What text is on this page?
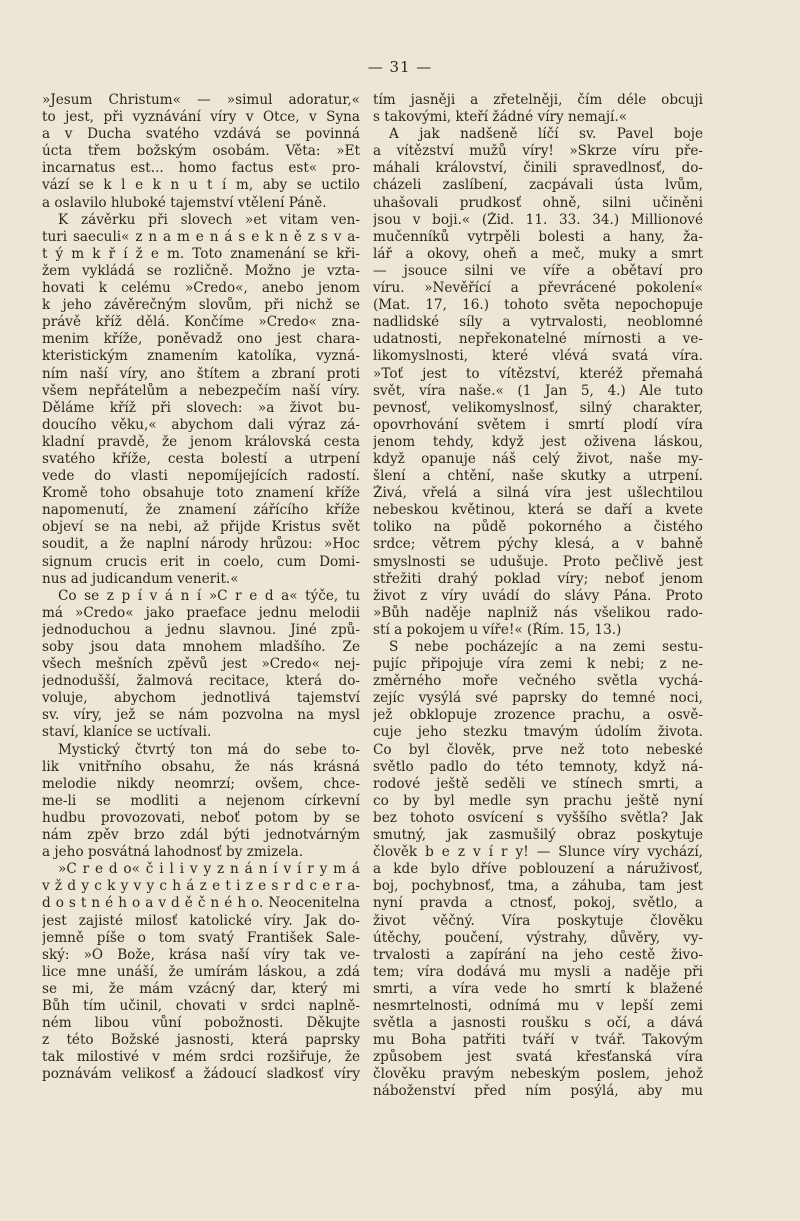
— 31 —
»Jesum Christum« — »simul adoratur,«
to jest, při vyznávání víry v Otce, v Syna
a v Ducha svatého vzdává se povinná
úcta třem božským osobám. Věta: »Et
incarnatus est... homo factus est« pro-
vází se k l e k n u t í m, aby se uctilo
a oslavilo hluboké tajemství vtělení Páně.
K závěrku při slovech »et vitam ven-
turi saeculi« z n a m e n á s e k n ě z s v a-
t ý m k ř í ž e m. Toto znamenání se kři-
žem vykládá se rozličně. Možno je vzta-
hovati k celému »Credo«, anebo jenom
k jeho závěrečným slovům, při nichž se
právě kříž dělá. Končíme »Credo« zna-
menim kříže, poněvadž ono jest chara-
kteristickým znamením katolíka, vyzná-
ním naší víry, ano štítem a zbraní proti
všem nepřátelům a nebezpečím naší víry.
Děláme kříž při slovech: »a život bu-
doucího věku,« abychom dali výraz zá-
kladní pravdě, že jenom královská cesta
svatého kříže, cesta bolestí a utrpení
vede do vlasti nepomíjejících radostí.
Kromě toho obsahuje toto znamení kříže
napomenutí, že znamení zářícího kříže
objeví se na nebi, až přijde Kristus svět
soudit, a že naplní národy hrůzou: »Hoc
signum crucis erit in coelo, cum Domi-
nus ad judicandum venerit.«
Co se z p í v á n í »C r e d a« týče, tu
má »Credo« jako praeface jednu melodii
jednoduchou a jednu slavnou. Jiné způ-
soby jsou data mnohem mladšího. Ze
všech mešních zpěvů jest »Credo« nej-
jednodušší, žalmová recitace, která do-
voluje, abychom jednotlivá tajemství
sv. víry, jež se nám pozvolna na mysl
staví, klaníce se uctívali.
Mystický čtvrtý ton má do sebe to-
lik vnitřního obsahu, že nás krásná
melodie nikdy neomrzí; ovšem, chce-
me-li se modliti a nejenom církevní
hudbu provozovati, neboť potom by se
nám zpěv brzo zdál býti jednotvárným
a jeho posvátná lahodnosť by zmizela.
»C r e d o« č i l i v y z n á n í v í r y m á
v ž d y c k y v y c h á z e t i z e s r d c e r a-
d o s t n é h o a v d ě č n é h o. Neocenitelna
jest zajisté milosť katolické víry. Jak do-
jemně píše o tom svatý František Sale-
ský: »Ó Bože, krása naší víry tak ve-
lice mne unáší, že umírám láskou, a zdá
se mi, že mám vzácný dar, který mi
Bůh tím učinil, chovati v srdci naplně-
ném libou vůní pobožnosti. Děkujte
z této Božské jasnosti, která paprsky
tak milostivé v mém srdci rozšiřuje, že
poznávám velikosť a žádoucí sladkosť víry
tím jasněji a zřetelněji, čím déle obcuji
s takovými, kteří žádné víry nemají.«
A jak nadšeně líčí sv. Pavel boje
a vítězství mužů víry! »Skrze víru pře-
máhali království, činili spravedlnosť, do-
cházeli zaslíbení, zacpávali ústa lvům,
uhašovali prudkosť ohně, silni učiněni
jsou v boji.« (Žid. 11. 33. 34.) Millionové
mučenníků vytrpěli bolesti a hany, ža-
lář a okovy, oheň a meč, muky a smrt
— jsouce silni ve víře a obětaví pro
víru. »Nevěřící a převrácené pokolení«
(Mat. 17, 16.) tohoto světa nepochopuje
nadlidské síly a vytrvalosti, neoblomné
udatnosti, nepřekonatelné mírnosti a ve-
likomyslnosti, které vlévá svatá víra.
»Toť jest to vítězství, kteréž přemahá
svět, víra naše.« (1 Jan 5, 4.) Ale tuto
pevnosť, velikomyslnosť, silný charakter,
opovrhování světem i smrtí plodí víra
jenom tehdy, když jest oživena láskou,
když opanuje náš celý život, naše my-
šlení a chtění, naše skutky a utrpení.
Živá, vřelá a silná víra jest ušlechtilou
nebeskou květinou, která se daří a kvete
toliko na půdě pokorného a čistého
srdce; větrem pýchy klesá, a v bahně
smyslnosti se udušuje. Proto pečlivě jest
střežiti drahý poklad víry; neboť jenom
život z víry uvádí do slávy Pána. Proto
»Bůh naděje naplniž nás všelikou rado-
stí a pokojem u víře!« (Řím. 15, 13.)
S nebe pocházejíc a na zemi sestu-
pujíc připojuje víra zemi k nebi; z ne-
změrného moře večného světla vychá-
zejíc vysýlá své paprsky do temné noci,
jež obklopuje zrozence prachu, a osvě-
cuje jeho stezku tmavým údolím života.
Co byl člověk, prve než toto nebeské
světlo padlo do této temnoty, když ná-
rodové ještě seděli ve stínech smrti, a
co by byl medle syn prachu ještě nyní
bez tohoto osvícení s vyššího světla? Jak
smutný, jak zasmušilý obraz poskytuje
člověk b e z v í r y! — Slunce víry vychází,
a kde bylo dříve poblouzení a náruživosť,
boj, pochybnosť, tma, a záhuba, tam jest
nyní pravda a ctnosť, pokoj, světlo, a
život věčný. Víra poskytuje člověku
útěchy, poučení, výstrahy, důvěry, vy-
trvalosti a zapírání na jeho cestě živo-
tem; víra dodává mu mysli a naděje při
smrti, a víra vede ho smrtí k blažené
nesmrtelnosti, odnímá mu v lepší zemi
světla a jasnosti roušku s očí, a dává
mu Boha patřiti tváří v tvář. Takovým
způsobem jest svatá křesťanská víra
člověku pravým nebeským poslem, jehož
náboženství před ním posýlá, aby mu
